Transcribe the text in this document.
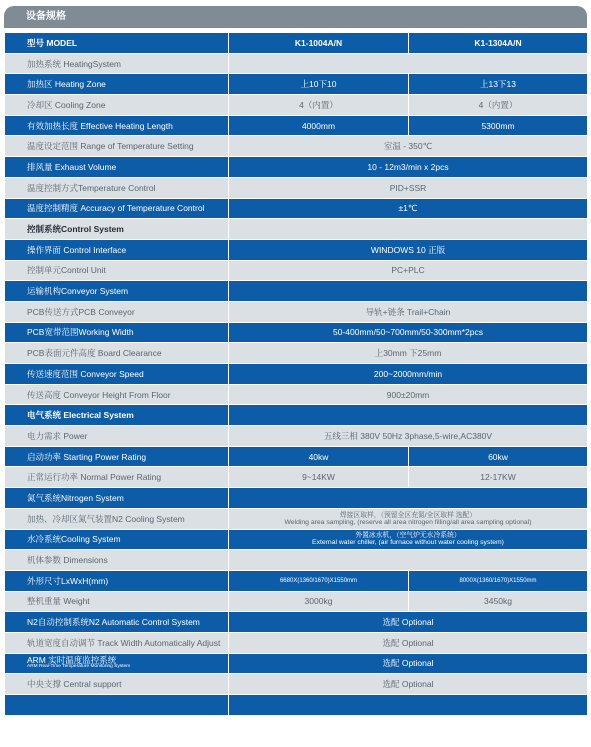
设备规格
型号 MODEL	K1-1004A/N	K1-1304A/N
加热系统 HeatingSystem		
加热区 Heating Zone	上10下10	上13下13
冷却区 Cooling Zone	4（内置）	4（内置）
有效加热长度 Effective Heating Length	4000mm	5300mm
温度设定范围 Range of Temperature Setting	室温 - 350℃	
排风量 Exhaust Volume	10 - 12m3/min x 2pcs	
温度控制方式Temperature Control	PID+SSR	
温度控制精度 Accuracy of Temperature Control	±1℃	
控制系统Control System		
操作界面 Control Interface	WINDOWS 10 正版	
控制单元Control Unit	PC+PLC	
运输机构Conveyor System		
PCB传送方式PCB Conveyor	导轨+链条 Trail+Chain	
PCB宽带范围Working Width	50-400mm/50~700mm/50-300mm*2pcs	
PCB表面元件高度 Board Clearance	上30mm 下25mm	
传送速度范围 Conveyor Speed	200~2000mm/min	
传送高度 Conveyor Height From Floor	900±20mm	
电气系统 Electrical System		
电力需求 Power	五线三相 380V 50Hz 3phase,5-wire,AC380V	
启动功率 Starting Power Rating	40kw	60kw
正常运行功率 Normal Power Rating	9~14KW	12-17KW
氮气系统Nitrogen System		
加热、冷却区氮气装置N2 Cooling System	焊接区取样，（预留全区充氮/全区取样 选配）
Welding area sampling, (reserve all area nitrogen filling/all area sampling optional)	

水冷系统Cooling System	外置冰水机，（空气炉无水冷系统）
External water chiller, (air furnace without water cooling system)	

机体参数 Dimensions		
外形尺寸LxWxH(mm)	6680X(1360/1670)X1550mm	8000X(1360/1670)X1550mm
整机重量 Weight	3000kg	3450kg
N2自动控制系统N2 Automatic Control System	选配 Optional	
轨道宽度自动调节 Track Width Automatically Adjust	选配 Optional	
ARM 实时温度监控系统
ARM Real-Time Temperature Monitoring System	选配 Optional	
中央支撑 Central support	选配 Optional	
